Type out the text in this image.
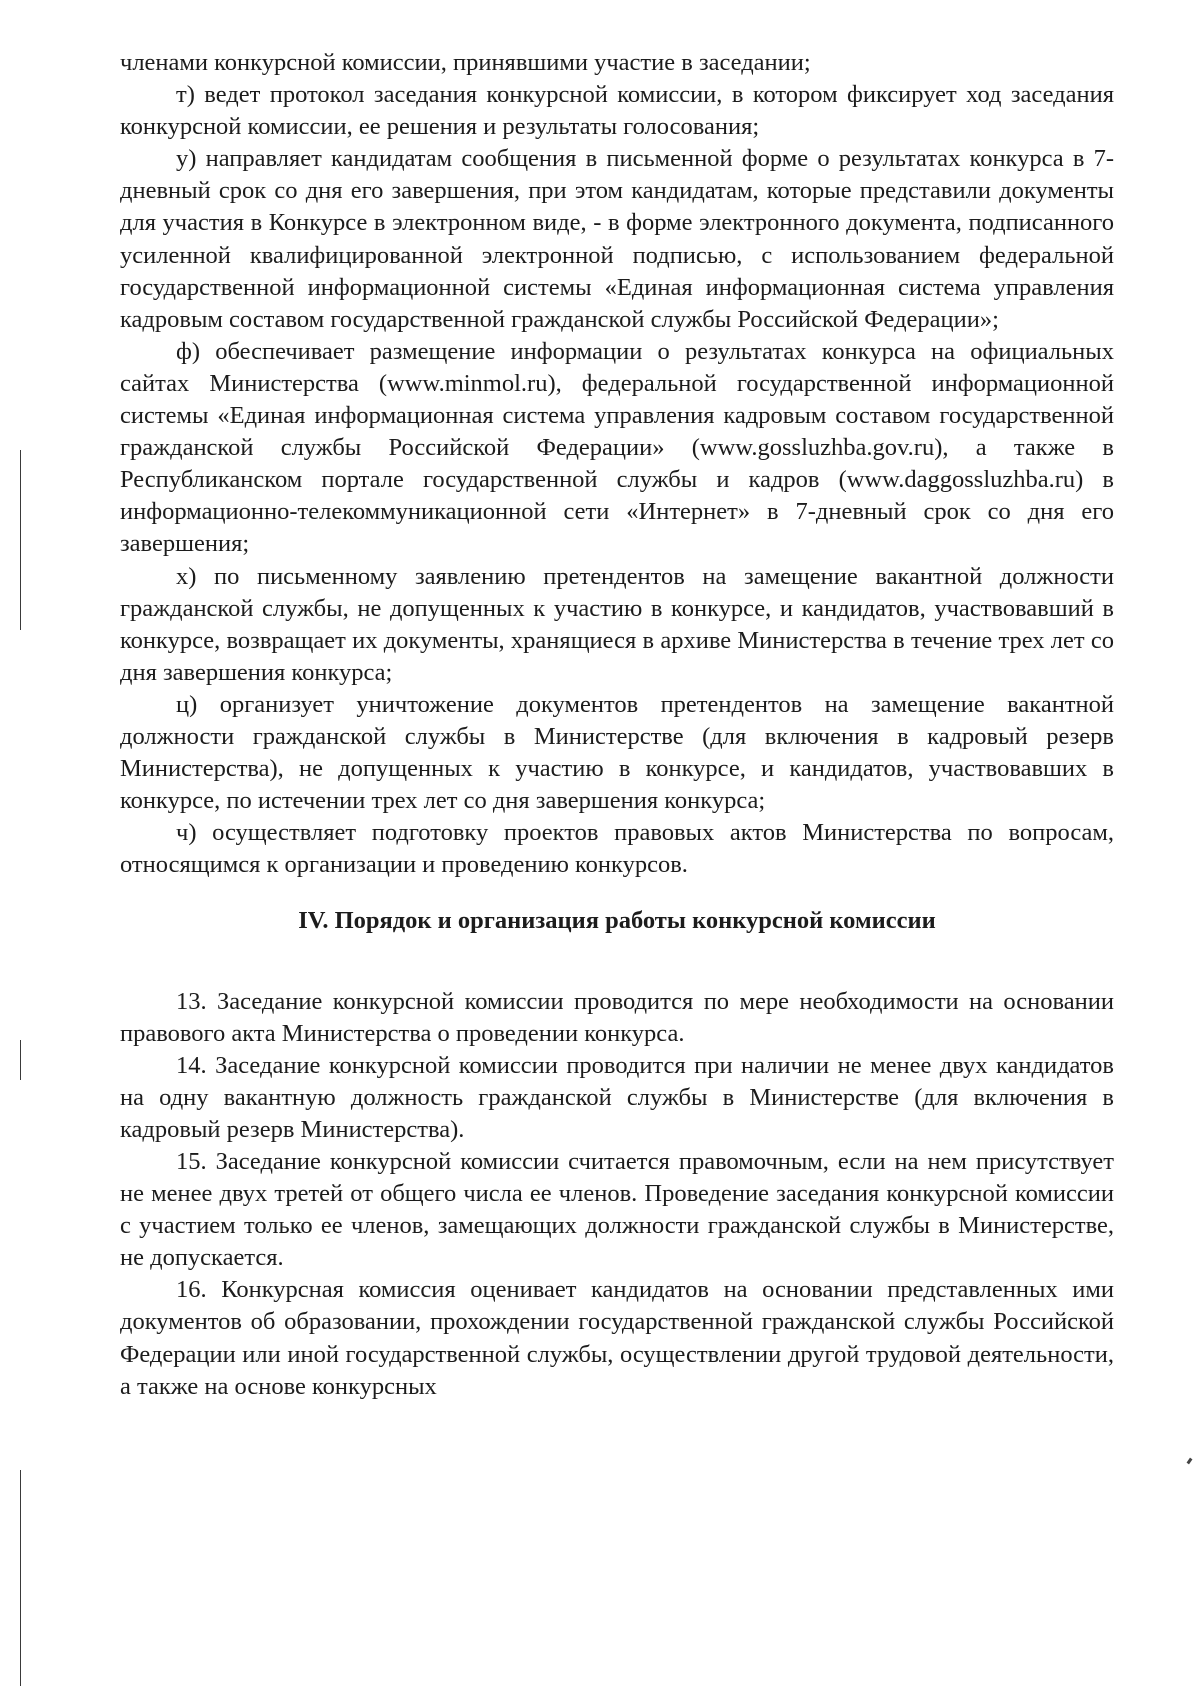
членами конкурсной комиссии, принявшими участие в заседании;

т) ведет протокол заседания конкурсной комиссии, в котором фиксирует ход заседания конкурсной комиссии, ее решения и результаты голосования;

у) направляет кандидатам сообщения в письменной форме о результатах конкурса в 7-дневный срок со дня его завершения, при этом кандидатам, которые представили документы для участия в Конкурсе в электронном виде, - в форме электронного документа, подписанного усиленной квалифицированной электронной подписью, с использованием федеральной государственной информационной системы «Единая информационная система управления кадровым составом государственной гражданской службы Российской Федерации»;

ф) обеспечивает размещение информации о результатах конкурса на официальных сайтах Министерства (www.minmol.ru), федеральной государственной информационной системы «Единая информационная система управления кадровым составом государственной гражданской службы Российской Федерации» (www.gossluzhba.gov.ru), а также в Республиканском портале государственной службы и кадров (www.daggossluzhba.ru) в информационно-телекоммуникационной сети «Интернет» в 7-дневный срок со дня его завершения;

х) по письменному заявлению претендентов на замещение вакантной должности гражданской службы, не допущенных к участию в конкурсе, и кандидатов, участвовавший в конкурсе, возвращает их документы, хранящиеся в архиве Министерства в течение трех лет со дня завершения конкурса;

ц) организует уничтожение документов претендентов на замещение вакантной должности гражданской службы в Министерстве (для включения в кадровый резерв Министерства), не допущенных к участию в конкурсе, и кандидатов, участвовавших в конкурсе, по истечении трех лет со дня завершения конкурса;

ч) осуществляет подготовку проектов правовых актов Министерства по вопросам, относящимся к организации и проведению конкурсов.

IV. Порядок и организация работы конкурсной комиссии

13. Заседание конкурсной комиссии проводится по мере необходимости на основании правового акта Министерства о проведении конкурса.

14. Заседание конкурсной комиссии проводится при наличии не менее двух кандидатов на одну вакантную должность гражданской службы в Министерстве (для включения в кадровый резерв Министерства).

15. Заседание конкурсной комиссии считается правомочным, если на нем присутствует не менее двух третей от общего числа ее членов. Проведение заседания конкурсной комиссии с участием только ее членов, замещающих должности гражданской службы в Министерстве, не допускается.

16. Конкурсная комиссия оценивает кандидатов на основании представленных ими документов об образовании, прохождении государственной гражданской службы Российской Федерации или иной государственной службы, осуществлении другой трудовой деятельности, а также на основе конкурсных
